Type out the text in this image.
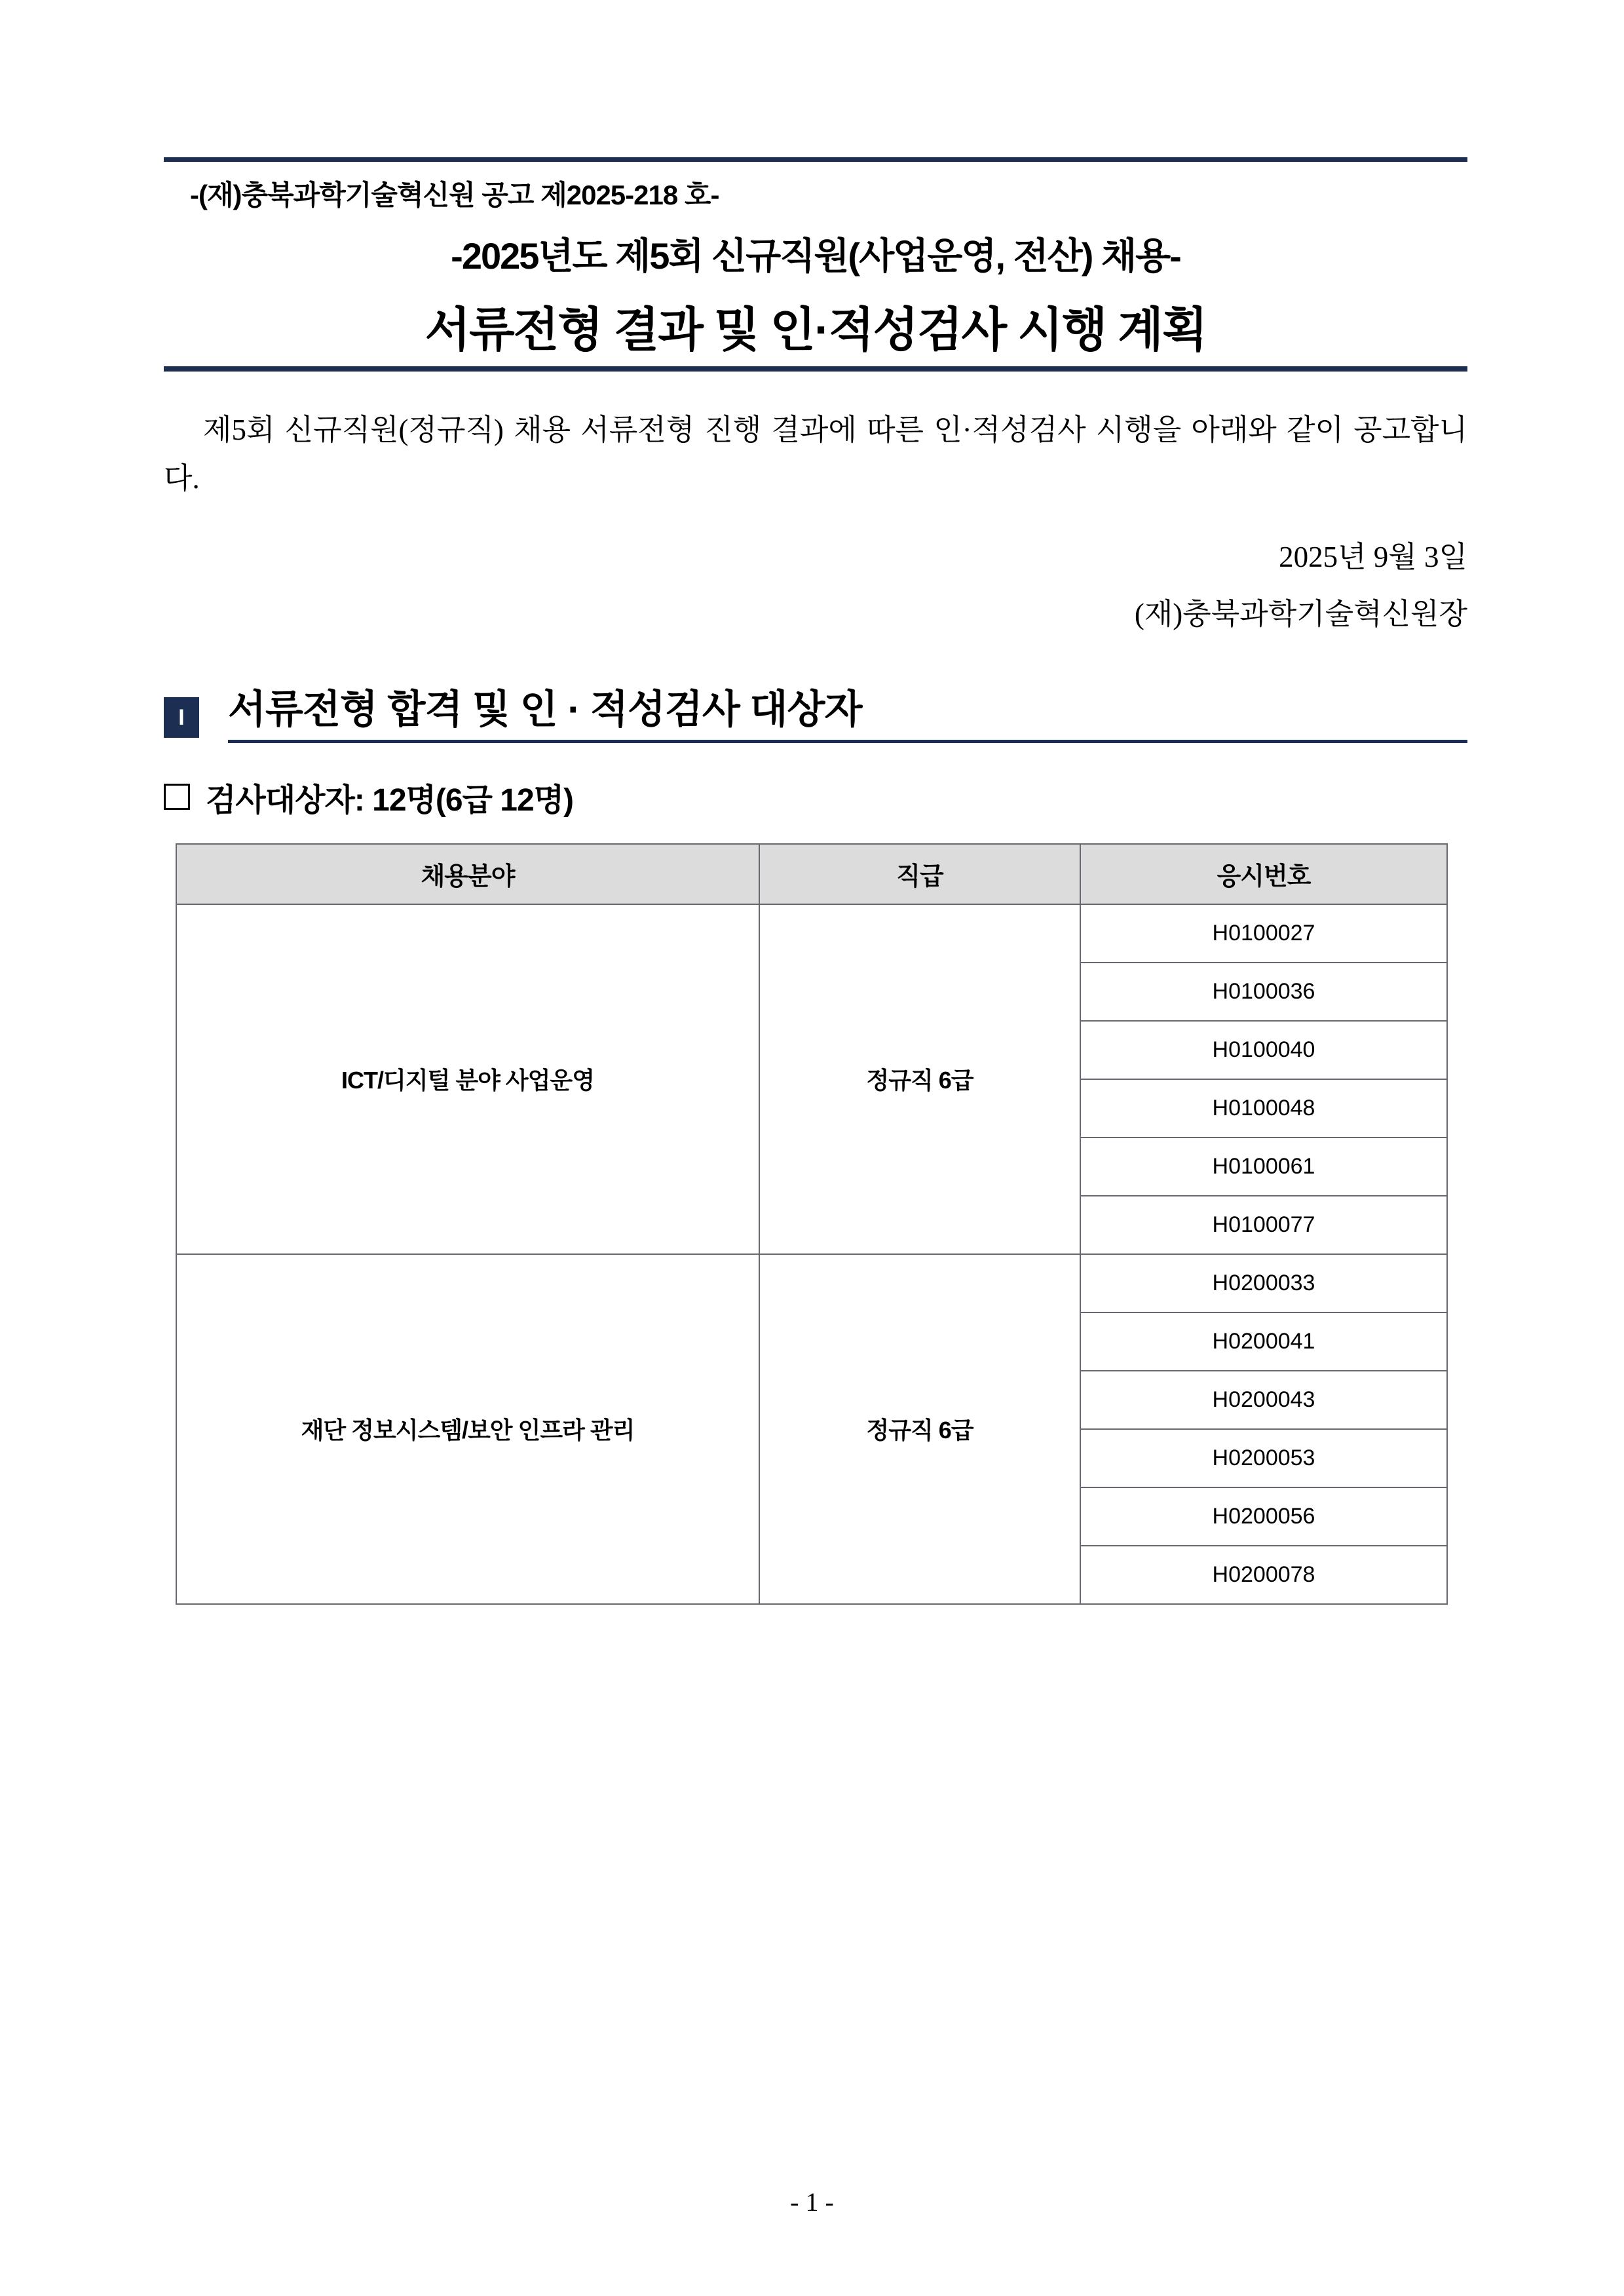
-(재)충북과학기술혁신원 공고 제2025-218 호-
-2025년도 제5회 신규직원(사업운영, 전산) 채용-
서류전형 결과 및 인·적성검사 시행 계획

제5회 신규직원(정규직) 채용 서류전형 진행 결과에 따른 인·적성검사 시행을 아래와 같이 공고합니다.

2025년 9월 3일
(재)충북과학기술혁신원장
I	서류전형 합격 및 인 · 적성검사 대상자
검사대상자: 12명(6급 12명)
채용분야	직급	응시번호
ICT/디지털 분야 사업운영	정규직 6급	H0100027
		H0100036
		H0100040
		H0100048
		H0100061
		H0100077
재단 정보시스템/보안 인프라 관리	정규직 6급	H0200033
		H0200041
		H0200043
		H0200053
		H0200056
		H0200078
- 1 -
